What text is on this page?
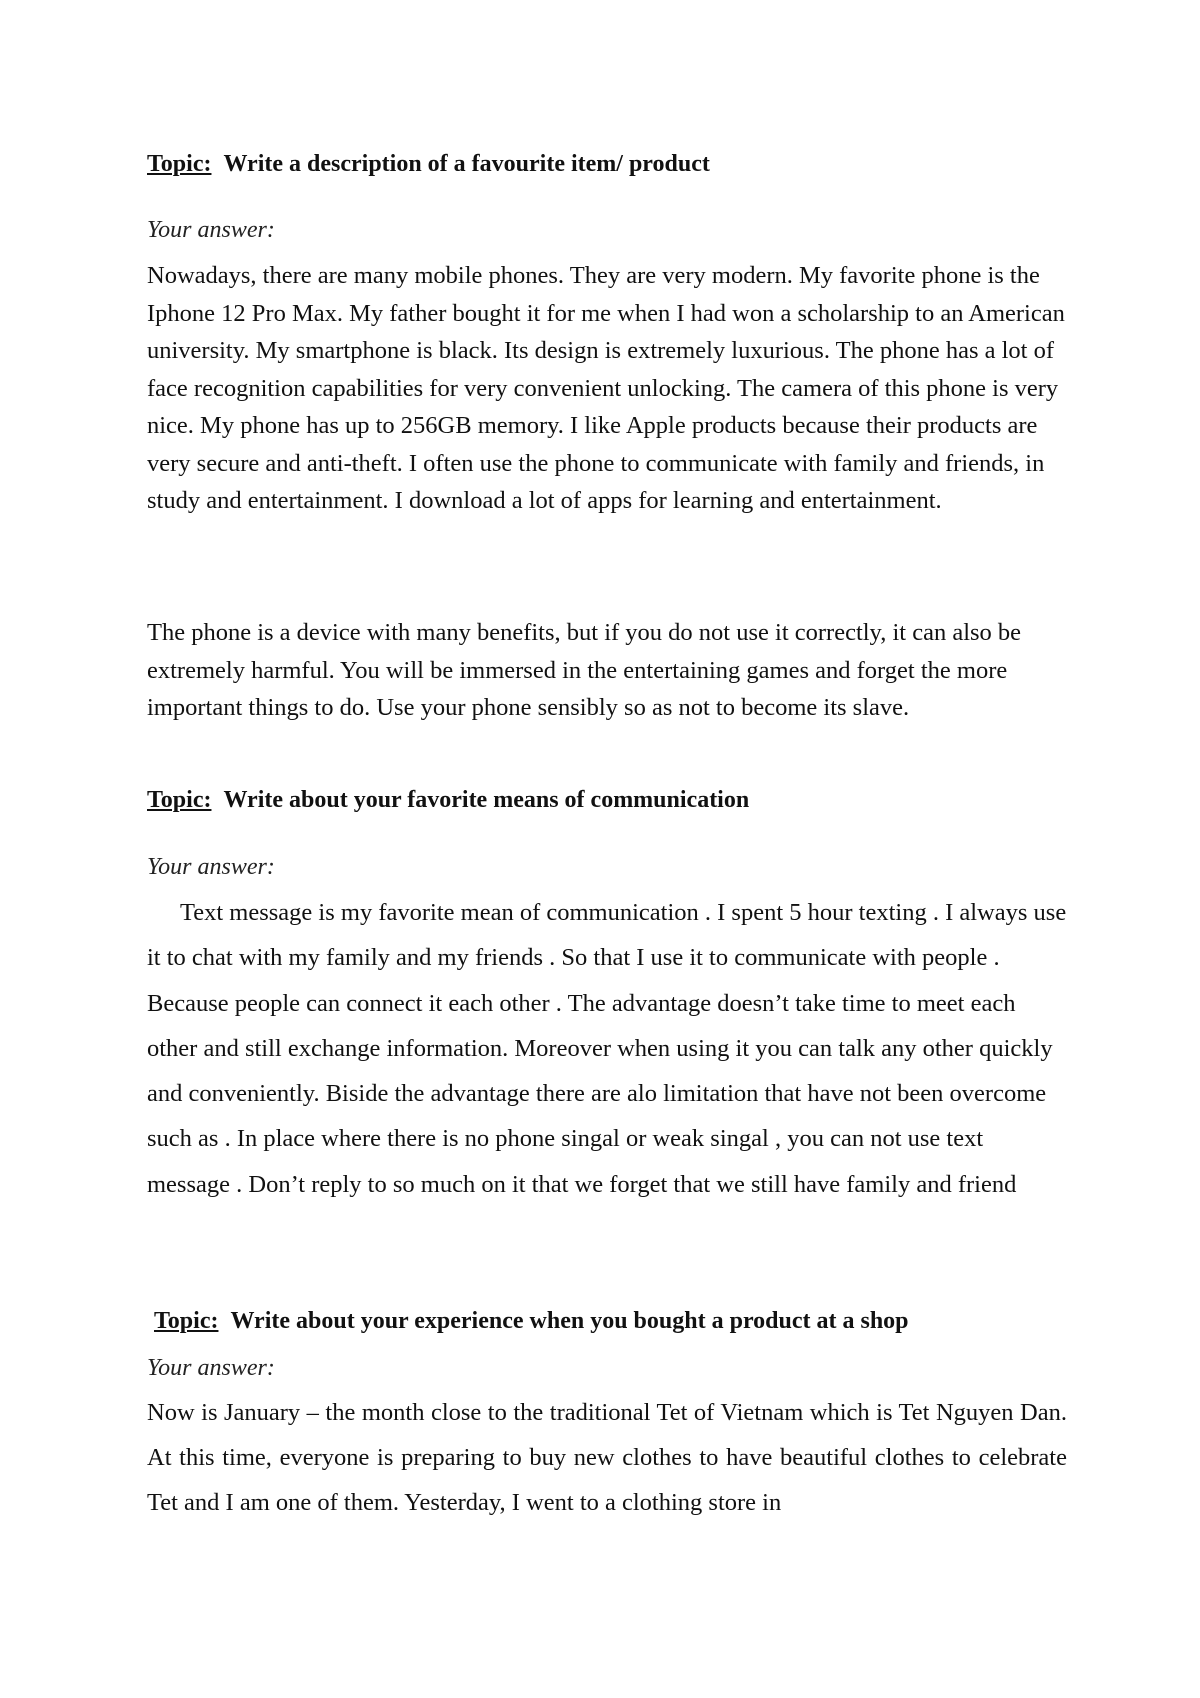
Topic: Write a description of a favourite item/ product
Your answer:

Nowadays, there are many mobile phones. They are very modern. My favorite phone is the Iphone 12 Pro Max. My father bought it for me when I had won a scholarship to an American university. My smartphone is black. Its design is extremely luxurious. The phone has a lot of face recognition capabilities for very convenient unlocking. The camera of this phone is very nice. My phone has up to 256GB memory. I like Apple products because their products are very secure and anti-theft. I often use the phone to communicate with family and friends, in study and entertainment. I download a lot of apps for learning and entertainment.

The phone is a device with many benefits, but if you do not use it correctly, it can also be extremely harmful. You will be immersed in the entertaining games and forget the more important things to do. Use your phone sensibly so as not to become its slave.

Topic: Write about your favorite means of communication
Your answer:

Text message is my favorite mean of communication . I spent 5 hour texting . I always use it to chat with my family and my friends . So that I use it to communicate with people . Because people can connect it each other . The advantage doesn’t take time to meet each other and still exchange information. Moreover when using it you can talk any other quickly and conveniently. Biside the advantage there are alo limitation that have not been overcome such as . In place where there is no phone singal or weak singal , you can not use text message . Don’t reply to so much on it that we forget that we still have family and friend

Topic: Write about your experience when you bought a product at a shop
Your answer:

Now is January – the month close to the traditional Tet of Vietnam which is Tet Nguyen Dan. At this time, everyone is preparing to buy new clothes to have beautiful clothes to celebrate Tet and I am one of them. Yesterday, I went to a clothing store in
